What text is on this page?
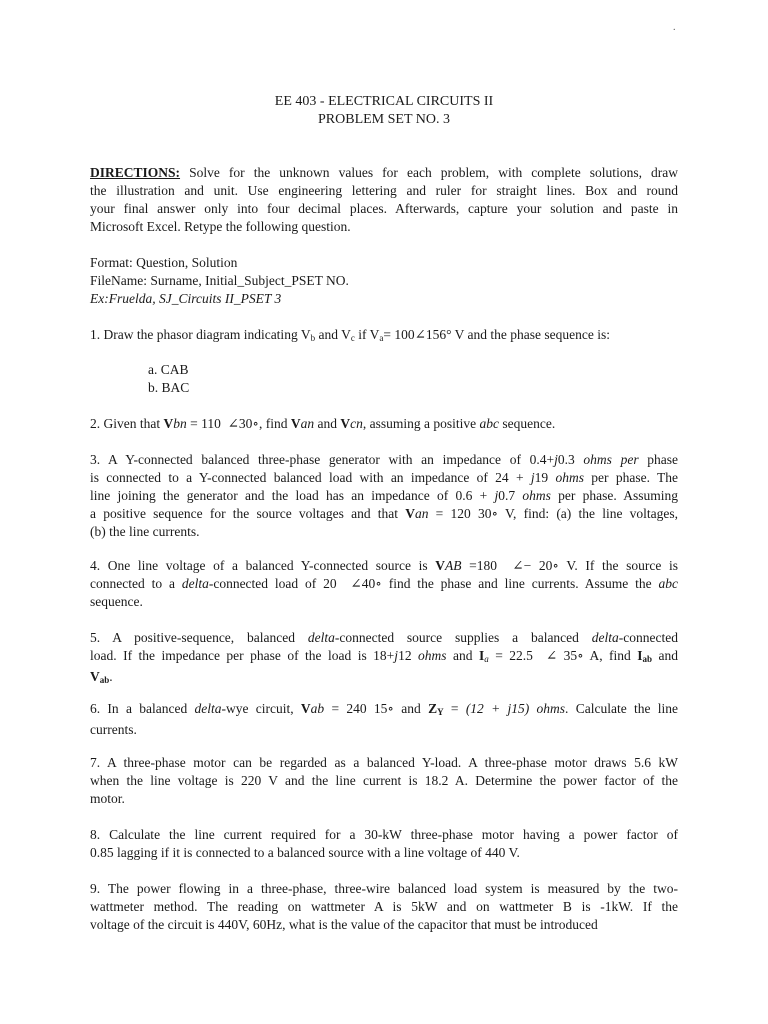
.
EE 403 - ELECTRICAL CIRCUITS II
PROBLEM SET NO. 3
DIRECTIONS: Solve for the unknown values for each problem, with complete solutions, draw
the illustration and unit. Use engineering lettering and ruler for straight lines. Box and round
your final answer only into four decimal places. Afterwards, capture your solution and paste in
Microsoft Excel. Retype the following question.
Format: Question, Solution
FileName: Surname, Initial_Subject_PSET NO.
Ex:Fruelda, SJ_Circuits II_PSET 3
1. Draw the phasor diagram indicating $V_b$ and $V_c$ if $V_a=$ 100∠156° V and the phase sequence is:
a. CAB
b. BAC
2. Given that Vbn = 110  ∠30∘, find Van and Vcn, assuming a positive abc sequence.
3. A Y-connected balanced three-phase generator with an impedance of 0.4+j0.3 ohms per phase
is connected to a Y-connected balanced load with an impedance of 24 + j19 ohms per phase. The
line joining the generator and the load has an impedance of 0.6 + j0.7 ohms per phase. Assuming
a positive sequence for the source voltages and that Van = 120 30∘ V, find: (a) the line voltages,
(b) the line currents.
4. One line voltage of a balanced Y-connected source is VAB =180  ∠− 20∘ V. If the source is
connected to a delta-connected load of 20  ∠40∘ find the phase and line currents. Assume the abc
sequence.
5. A positive-sequence, balanced delta-connected source supplies a balanced delta-connected
load. If the impedance per phase of the load is 18+j12 ohms and $I_a = 22.5$  ∠ 35∘ A, find Iab and
Vab.
6. In a balanced delta-wye circuit, Vab = 240 15∘ and ZY = (12 + j15) ohms. Calculate the line
currents.
7. A three-phase motor can be regarded as a balanced Y-load. A three-phase motor draws 5.6 kW
when the line voltage is 220 V and the line current is 18.2 A. Determine the power factor of the
motor.
8. Calculate the line current required for a 30-kW three-phase motor having a power factor of
0.85 lagging if it is connected to a balanced source with a line voltage of 440 V.
9. The power flowing in a three-phase, three-wire balanced load system is measured by the two-
wattmeter method. The reading on wattmeter A is 5kW and on wattmeter B is -1kW. If the
voltage of the circuit is 440V, 60Hz, what is the value of the capacitor that must be introduced
